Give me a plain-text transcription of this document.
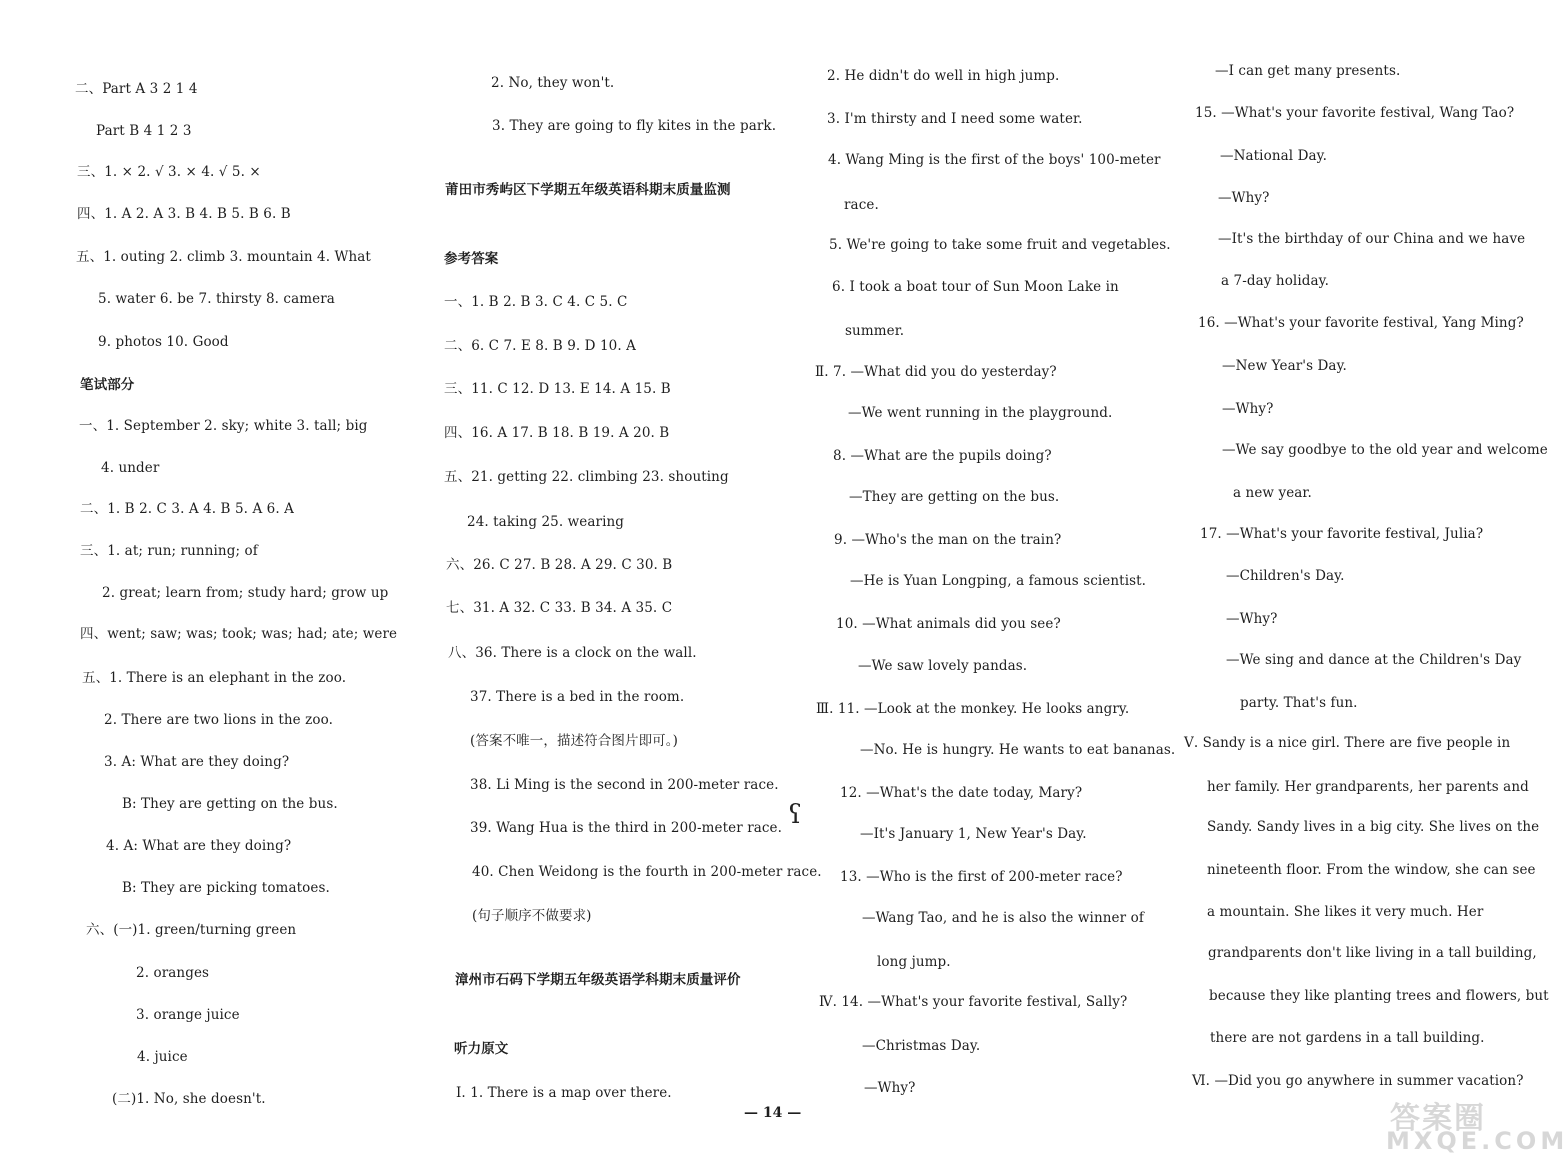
二、Part A 3 2 1 4
Part B 4 1 2 3
三、1. × 2. √ 3. × 4. √ 5. ×
四、1. A 2. A 3. B 4. B 5. B 6. B
五、1. outing 2. climb 3. mountain 4. What
5. water 6. be 7. thirsty 8. camera
9. photos 10. Good
笔试部分
一、1. September 2. sky; white 3. tall; big
4. under
二、1. B 2. C 3. A 4. B 5. A 6. A
三、1. at; run; running; of
2. great; learn from; study hard; grow up
四、went; saw; was; took; was; had; ate; were
五、1. There is an elephant in the zoo.
2. There are two lions in the zoo.
3. A: What are they doing?
B: They are getting on the bus.
4. A: What are they doing?
B: They are picking tomatoes.
六、(一)1. green/turning green
2. oranges
3. orange juice
4. juice
(二)1. No, she doesn't.
2. No, they won't.
3. They are going to fly kites in the park.
莆田市秀屿区下学期五年级英语科期末质量监测
参考答案
一、1. B 2. B 3. C 4. C 5. C
二、6. C 7. E 8. B 9. D 10. A
三、11. C 12. D 13. E 14. A 15. B
四、16. A 17. B 18. B 19. A 20. B
五、21. getting 22. climbing 23. shouting
24. taking 25. wearing
六、26. C 27. B 28. A 29. C 30. B
七、31. A 32. C 33. B 34. A 35. C
八、36. There is a clock on the wall.
37. There is a bed in the room.
(答案不唯一，描述符合图片即可。)
38. Li Ming is the second in 200-meter race.
39. Wang Hua is the third in 200-meter race.
40. Chen Weidong is the fourth in 200-meter race.
(句子顺序不做要求)
漳州市石码下学期五年级英语学科期末质量评价
听力原文
Ⅰ. 1. There is a map over there.
2. He didn't do well in high jump.
3. I'm thirsty and I need some water.
4. Wang Ming is the first of the boys' 100-meter
race.
5. We're going to take some fruit and vegetables.
6. I took a boat tour of Sun Moon Lake in
summer.
Ⅱ. 7. —What did you do yesterday?
—We went running in the playground.
8. —What are the pupils doing?
—They are getting on the bus.
9. —Who's the man on the train?
—He is Yuan Longping, a famous scientist.
10. —What animals did you see?
—We saw lovely pandas.
Ⅲ. 11. —Look at the monkey. He looks angry.
—No. He is hungry. He wants to eat bananas.
12. —What's the date today, Mary?
—It's January 1, New Year's Day.
13. —Who is the first of 200-meter race?
—Wang Tao, and he is also the winner of
long jump.
Ⅳ. 14. —What's your favorite festival, Sally?
—Christmas Day.
—Why?
—I can get many presents.
15. —What's your favorite festival, Wang Tao?
—National Day.
—Why?
—It's the birthday of our China and we have
a 7-day holiday.
16. —What's your favorite festival, Yang Ming?
—New Year's Day.
—Why?
—We say goodbye to the old year and welcome
a new year.
17. —What's your favorite festival, Julia?
—Children's Day.
—Why?
—We sing and dance at the Children's Day
party. That's fun.
Ⅴ. Sandy is a nice girl. There are five people in
her family. Her grandparents, her parents and
Sandy. Sandy lives in a big city. She lives on the
nineteenth floor. From the window, she can see
a mountain. She likes it very much. Her
grandparents don't like living in a tall building,
because they like planting trees and flowers, but
there are not gardens in a tall building.
Ⅵ. —Did you go anywhere in summer vacation?
ʕ
— 14 —	答案圈
MXQE.COM
